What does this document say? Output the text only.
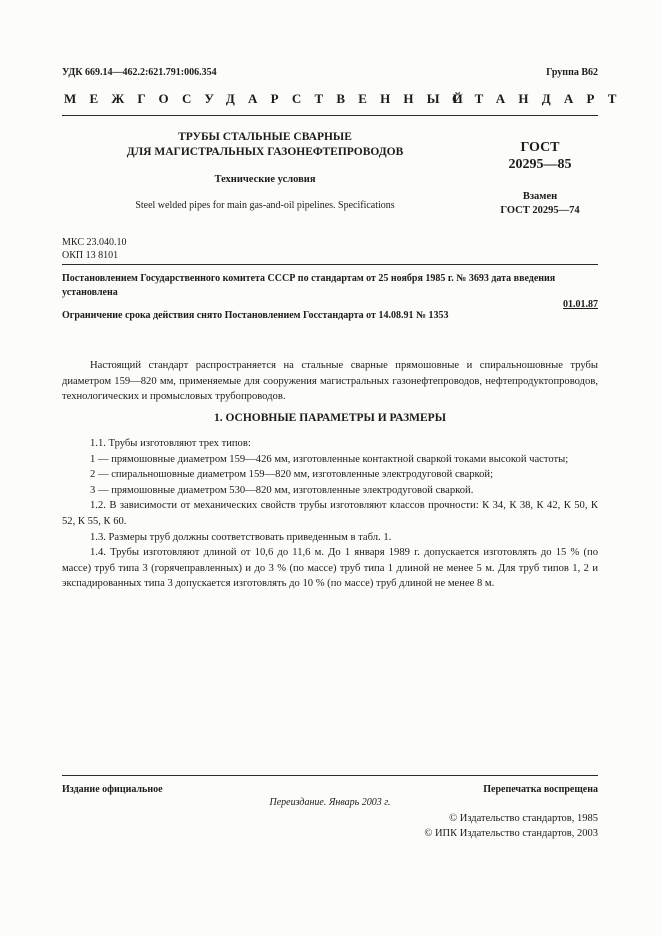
УДК 669.14—462.2:621.791:006.354	Группа В62
МЕЖГОСУДАРСТВЕННЫЙ
СТАНДАРТ
ТРУБЫ СТАЛЬНЫЕ СВАРНЫЕ
ДЛЯ МАГИСТРАЛЬНЫХ ГАЗОНЕФТЕПРОВОДОВ
Технические условия
Steel welded pipes for main gas-and-oil pipelines. Specifications
ГОСТ
20295—85
Взамен
ГОСТ 20295—74
МКС 23.040.10
ОКП 13 8101
Постановлением Государственного комитета СССР по стандартам от 25 ноября 1985 г. № 3693 дата введения установлена
01.01.87
Ограничение срока действия снято Постановлением Госстандарта от 14.08.91 № 1353

Настоящий стандарт распространяется на стальные сварные прямошовные и спиральношовные трубы диаметром 159—820 мм, применяемые для сооружения магистральных газонефтепроводов, нефтепродуктопроводов, технологических и промысловых трубопроводов.

1. ОСНОВНЫЕ ПАРАМЕТРЫ И РАЗМЕРЫ

1.1. Трубы изготовляют трех типов:

1 — прямошовные диаметром 159—426 мм, изготовленные контактной сваркой токами высокой частоты;

2 — спиральношовные диаметром 159—820 мм, изготовленные электродуговой сваркой;

3 — прямошовные диаметром 530—820 мм, изготовленные электродуговой сваркой.

1.2. В зависимости от механических свойств трубы изготовляют классов прочности: К 34, К 38, К 42, К 50, К 52, К 55, К 60.

1.3. Размеры труб должны соответствовать приведенным в табл. 1.

1.4. Трубы изготовляют длиной от 10,6 до 11,6 м. До 1 января 1989 г. допускается изготовлять до 15 % (по массе) труб типа 3 (горячеправленных) и до 3 % (по массе) труб типа 1 длиной не менее 5 м. Для труб типов 1, 2 и экспадированных типа 3 допускается изготовлять до 10 % (по массе) труб длиной не менее 8 м.

Издание официальное	Перепечатка воспрещена
Переиздание. Январь 2003 г.
© Издательство стандартов, 1985
© ИПК Издательство стандартов, 2003
